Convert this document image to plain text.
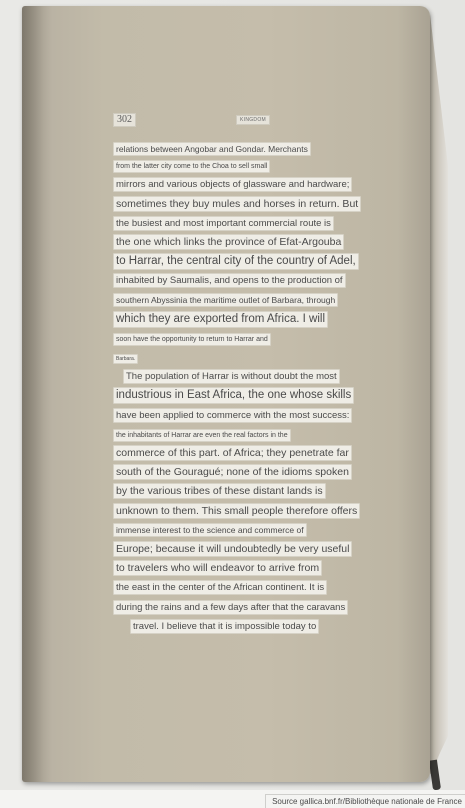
302	KINGDOM
relations between Angobar and Gondar. Merchants
from the latter city come to the Choa to sell small
mirrors and various objects of glassware and hardware;
sometimes they buy mules and horses in return. But
the busiest and most important commercial route is
the one which links the province of Efat-Argouba
to Harrar, the central city of the country of Adel,
inhabited by Saumalis, and opens to the production of
southern Abyssinia the maritime outlet of Barbara, through
which they are exported from Africa. I will
soon have the opportunity to return to Harrar and
Barbara.
The population of Harrar is without doubt the most
industrious in East Africa, the one whose skills
have been applied to commerce with the most success:
the inhabitants of Harrar are even the real factors in the
commerce of this part. of Africa; they penetrate far
south of the Gouragué; none of the idioms spoken
by the various tribes of these distant lands is
unknown to them. This small people therefore offers
immense interest to the science and commerce of
Europe; because it will undoubtedly be very useful
to travelers who will endeavor to arrive from
the east in the center of the African continent. It is
during the rains and a few days after that the caravans
travel. I believe that it is impossible today to
Source gallica.bnf.fr/Bibliothèque nationale de France
